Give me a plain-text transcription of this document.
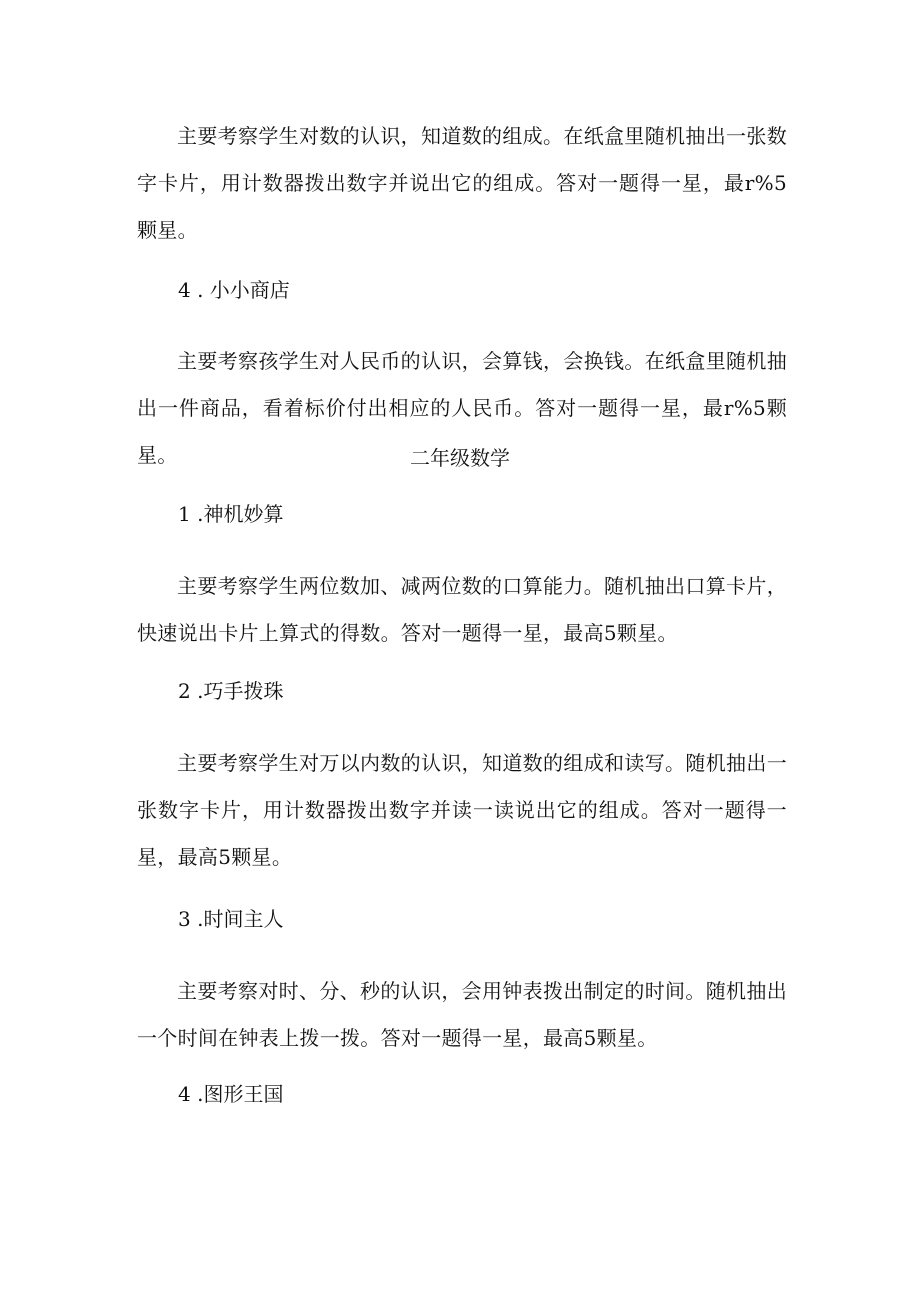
主要考察学生对数的认识，知道数的组成。在纸盒里随机抽出一张数字卡片，用计数器拨出数字并说出它的组成。答对一题得一星，最r%5颗星。

4 . 小小商店

主要考察孩学生对人民币的认识，会算钱，会换钱。在纸盒里随机抽出一件商品，看着标价付出相应的人民币。答对一题得一星，最r%5颗星。	二年级数学

1 .神机妙算

主要考察学生两位数加、减两位数的口算能力。随机抽出口算卡片，快速说出卡片上算式的得数。答对一题得一星，最高5颗星。

2 .巧手拨珠

主要考察学生对万以内数的认识，知道数的组成和读写。随机抽出一张数字卡片，用计数器拨出数字并读一读说出它的组成。答对一题得一星，最高5颗星。

3 .时间主人

主要考察对时、分、秒的认识，会用钟表拨出制定的时间。随机抽出一个时间在钟表上拨一拨。答对一题得一星，最高5颗星。

4 .图形王国
